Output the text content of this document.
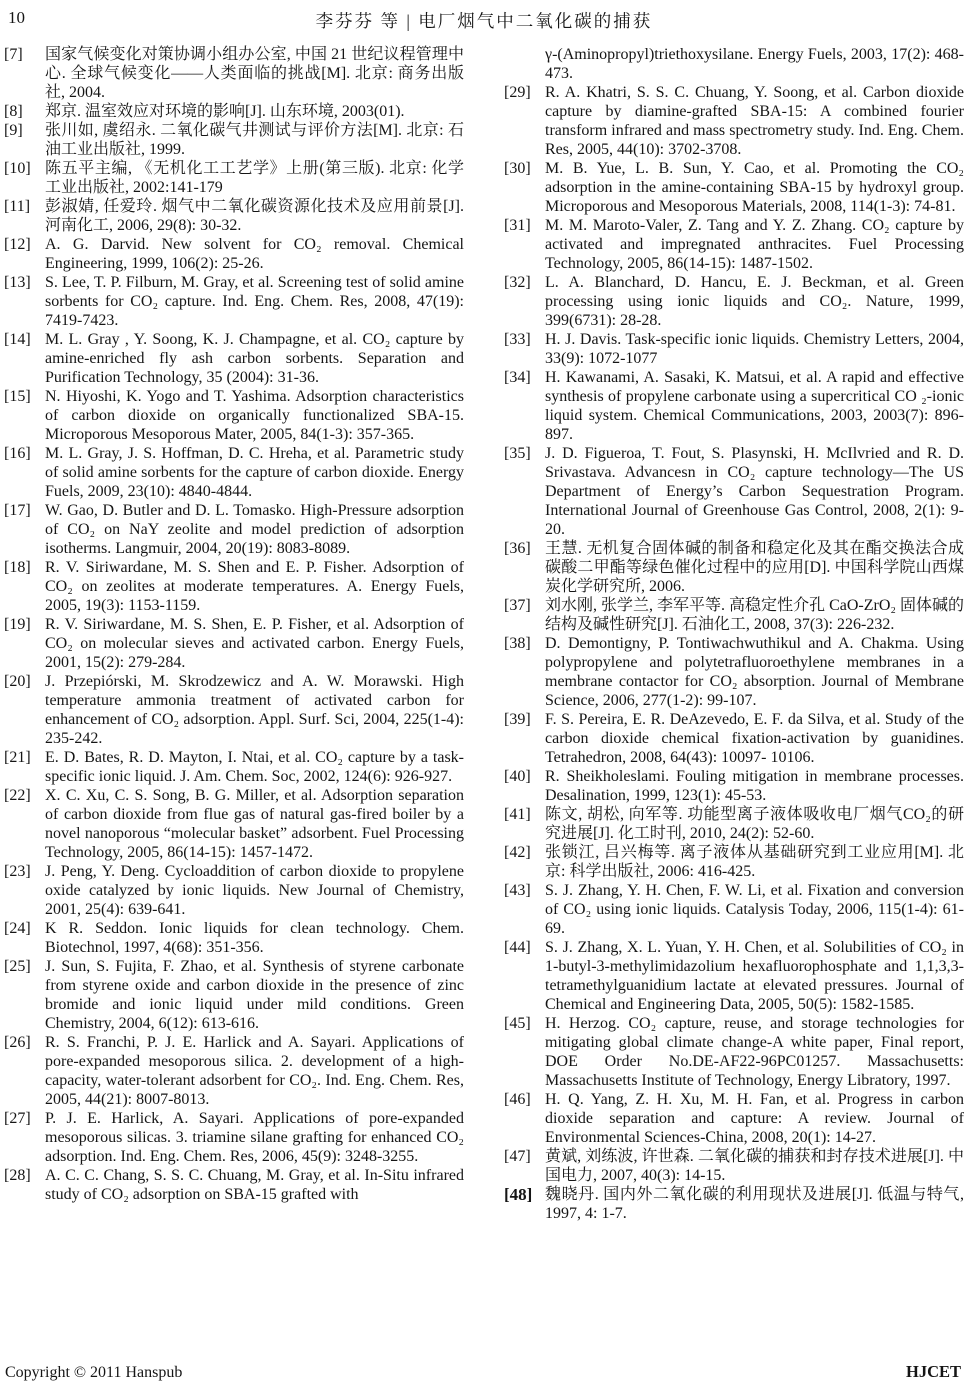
10	李芬芬 等 | 电厂烟气中二氧化碳的捕获
[7]	国家气候变化对策协调小组办公室, 中国 21 世纪议程管理中心. 全球气候变化——人类面临的挑战[M]. 北京: 商务出版社, 2004.
[8]	郑京. 温室效应对环境的影响[J]. 山东环境, 2003(01).
[9]	张川如, 虞绍永. 二氧化碳气井测试与评价方法[M]. 北京: 石油工业出版社, 1999.
[10] 陈五平主编, 《无机化工工艺学》上册(第三版). 北京: 化学工业出版社, 2002:141-179
[11] 彭淑婧, 任爱玲. 烟气中二氧化碳资源化技术及应用前景[J]. 河南化工, 2006, 29(8): 30-32.
[12] A. G. Darvid. New solvent for CO₂ removal. Chemical Engineering, 1999, 106(2): 25-26.
[13] S. Lee, T. P. Filburn, M. Gray, et al. Screening test of solid amine sorbents for CO₂ capture. Ind. Eng. Chem. Res, 2008, 47(19): 7419-7423.
[14] M. L. Gray , Y. Soong, K. J. Champagne, et al. CO₂ capture by amine-enriched fly ash carbon sorbents. Separation and Purification Technology, 35 (2004): 31-36.
[15] N. Hiyoshi, K. Yogo and T. Yashima. Adsorption characteristics of carbon dioxide on organically functionalized SBA-15. Microporous Mesoporous Mater, 2005, 84(1-3): 357-365.
[16] M. L. Gray, J. S. Hoffman, D. C. Hreha, et al. Parametric study of solid amine sorbents for the capture of carbon dioxide. Energy Fuels, 2009, 23(10): 4840-4844.
[17] W. Gao, D. Butler and D. L. Tomasko. High-Pressure adsorption of CO₂ on NaY zeolite and model prediction of adsorption isotherms. Langmuir, 2004, 20(19): 8083-8089.
[18] R. V. Siriwardane, M. S. Shen and E. P. Fisher. Adsorption of CO₂ on zeolites at moderate temperatures. A. Energy Fuels, 2005, 19(3): 1153-1159.
[19] R. V. Siriwardane, M. S. Shen, E. P. Fisher, et al. Adsorption of CO₂ on molecular sieves and activated carbon. Energy Fuels, 2001, 15(2): 279-284.
[20] J. Przepiórski, M. Skrodzewicz and A. W. Morawski. High temperature ammonia treatment of activated carbon for enhancement of CO₂ adsorption. Appl. Surf. Sci, 2004, 225(1-4): 235-242.
[21] E. D. Bates, R. D. Mayton, I. Ntai, et al. CO₂ capture by a task-specific ionic liquid. J. Am. Chem. Soc, 2002, 124(6): 926-927.
[22] X. C. Xu, C. S. Song, B. G. Miller, et al. Adsorption separation of carbon dioxide from flue gas of natural gas-fired boiler by a novel nanoporous “molecular basket” adsorbent. Fuel Processing Technology, 2005, 86(14-15): 1457-1472.
[23] J. Peng, Y. Deng. Cycloaddition of carbon dioxide to propylene oxide catalyzed by ionic liquids. New Journal of Chemistry, 2001, 25(4): 639-641.
[24] K R. Seddon. Ionic liquids for clean technology. Chem. Biotechnol, 1997, 4(68): 351-356.
[25] J. Sun, S. Fujita, F. Zhao, et al. Synthesis of styrene carbonate from styrene oxide and carbon dioxide in the presence of zinc bromide and ionic liquid under mild conditions. Green Chemistry, 2004, 6(12): 613-616.
[26] R. S. Franchi, P. J. E. Harlick and A. Sayari. Applications of pore-expanded mesoporous silica. 2. development of a high-capacity, water-tolerant adsorbent for CO₂. Ind. Eng. Chem. Res, 2005, 44(21): 8007-8013.
[27] P. J. E. Harlick, A. Sayari. Applications of pore-expanded mesoporous silicas. 3. triamine silane grafting for enhanced CO₂ adsorption. Ind. Eng. Chem. Res, 2006, 45(9): 3248-3255.
[28] A. C. C. Chang, S. S. C. Chuang, M. Gray, et al. In-Situ infrared study of CO₂ adsorption on SBA-15 grafted with
γ-(Aminopropyl)triethoxysilane. Energy Fuels, 2003, 17(2): 468-473.
[29] R. A. Khatri, S. S. C. Chuang, Y. Soong, et al. Carbon dioxide capture by diamine-grafted SBA-15: A combined fourier transform infrared and mass spectrometry study. Ind. Eng. Chem. Res, 2005, 44(10): 3702-3708.
[30] M. B. Yue, L. B. Sun, Y. Cao, et al. Promoting the CO₂ adsorption in the amine-containing SBA-15 by hydroxyl group. Microporous and Mesoporous Materials, 2008, 114(1-3): 74-81.
[31] M. M. Maroto-Valer, Z. Tang and Y. Z. Zhang. CO₂ capture by activated and impregnated anthracites. Fuel Processing Technology, 2005, 86(14-15): 1487-1502.
[32] L. A. Blanchard, D. Hancu, E. J. Beckman, et al. Green processing using ionic liquids and CO₂. Nature, 1999, 399(6731): 28-28.
[33] H. J. Davis. Task-specific ionic liquids. Chemistry Letters, 2004, 33(9): 1072-1077
[34] H. Kawanami, A. Sasaki, K. Matsui, et al. A rapid and effective synthesis of propylene carbonate using a supercritical CO ₂-ionic liquid system. Chemical Communications, 2003, 2003(7): 896-897.
[35] J. D. Figueroa, T. Fout, S. Plasynski, H. McIlvried and R. D. Srivastava. Advancesn in CO₂ capture technology—The US Department of Energy’s Carbon Sequestration Program. International Journal of Greenhouse Gas Control, 2008, 2(1): 9-20.
[36] 王慧. 无机复合固体碱的制备和稳定化及其在酯交换法合成碳酸二甲酯等绿色催化过程中的应用[D]. 中国科学院山西煤炭化学研究所, 2006.
[37] 刘水刚, 张学兰, 李军平等. 高稳定性介孔 CaO-ZrO₂ 固体碱的结构及碱性研究[J]. 石油化工, 2008, 37(3): 226-232.
[38] D. Demontigny, P. Tontiwachwuthikul and A. Chakma. Using polypropylene and polytetrafluoroethylene membranes in a membrane contactor for CO₂ absorption. Journal of Membrane Science, 2006, 277(1-2): 99-107.
[39] F. S. Pereira, E. R. DeAzevedo, E. F. da Silva, et al. Study of the carbon dioxide chemical fixation-activation by guanidines. Tetrahedron, 2008, 64(43): 10097- 10106.
[40] R. Sheikholeslami. Fouling mitigation in membrane processes. Desalination, 1999, 123(1): 45-53.
[41] 陈文, 胡松, 向军等. 功能型离子液体吸收电厂烟气CO₂的研究进展[J]. 化工时刊, 2010, 24(2): 52-60.
[42] 张锁江, 吕兴梅等. 离子液体从基础研究到工业应用[M]. 北京: 科学出版社, 2006: 416-425.
[43] S. J. Zhang, Y. H. Chen, F. W. Li, et al. Fixation and conversion of CO₂ using ionic liquids. Catalysis Today, 2006, 115(1-4): 61-69.
[44] S. J. Zhang, X. L. Yuan, Y. H. Chen, et al. Solubilities of CO₂ in 1-butyl-3-methylimidazolium hexafluorophosphate and 1,1,3,3-tetramethylguanidium lactate at elevated pressures. Journal of Chemical and Engineering Data, 2005, 50(5): 1582-1585.
[45] H. Herzog. CO₂ capture, reuse, and storage technologies for mitigating global climate change-A white paper, Final report, DOE Order No.DE-AF22-96PC01257. Massachusetts: Massachusetts Institute of Technology, Energy Libratory, 1997.
[46] H. Q. Yang, Z. H. Xu, M. H. Fan, et al. Progress in carbon dioxide separation and capture: A review. Journal of Environmental Sciences-China, 2008, 20(1): 14-27.
[47] 黄斌, 刘练波, 许世森. 二氧化碳的捕获和封存技术进展[J]. 中国电力, 2007, 40(3): 14-15.
[48] 魏晓丹. 国内外二氧化碳的利用现状及进展[J]. 低温与特气, 1997, 4: 1-7.
Copyright © 2011 Hanspub	HJCET
